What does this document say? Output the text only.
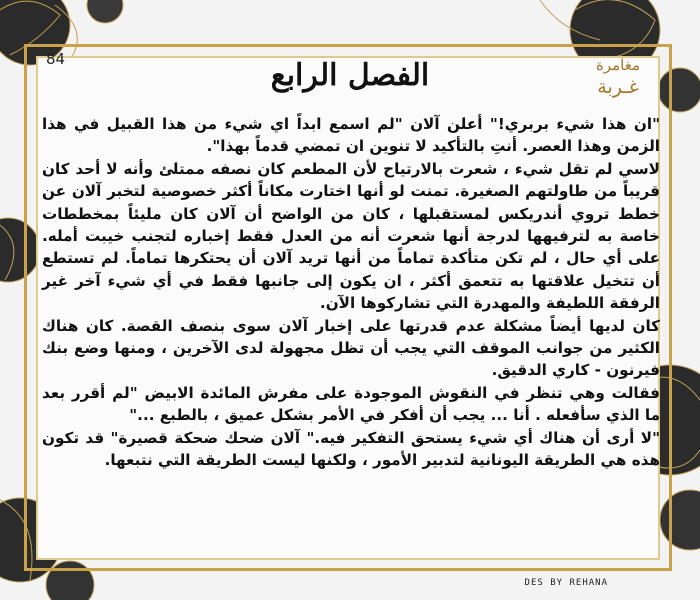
84	الفصل الرابع	مغامرة
غـربة

"ان هذا شيء بربري!" أعلن آلان "لم اسمع ابداً اي شيء من هذا القبيل في هذا الزمن وهذا العصر. أنتِ بالتأكيد لا تنوين ان تمضي قدماً بهذا".

لاسي لم تقل شيء ، شعرت بالارتياح لأن المطعم كان نصفه ممتلئ وأنه لا أحد كان قريباً من طاولتهم الصغيرة. تمنت لو أنها اختارت مكاناً أكثر خصوصية لتخبر آلان عن خطط تروي أندريكس لمستقبلها ، كان من الواضح أن آلان كان مليئاً بمخططات خاصة به لترفيهها لدرجة أنها شعرت أنه من العدل فقط إخباره لتجنب خيبت أمله. على أي حال ، لم تكن متأكدة تماماً من أنها تريد آلان أن يحتكرها تماماً. لم تستطع أن تتخيل علاقتها به تتعمق أكثر ، ان يكون إلى جانبها فقط في أي شيء آخر غير الرفقة اللطيفة والمهدرة التي تشاركوها الآن.

كان لديها أيضاً مشكلة عدم قدرتها على إخبار آلان سوى بنصف القصة. كان هناك الكثير من جوانب الموقف التي يجب أن تظل مجهولة لدى الآخرين ، ومنها وضع بنك فيرنون - كاري الدقيق.

فقالت وهي تنظر في النقوش الموجودة على مفرش المائدة الابيض "لم أقرر بعد ما الذي سأفعله . أنا ... يجب أن أفكر في الأمر بشكل عميق ، بالطبع ..."

"لا أرى أن هناك أي شيء يستحق التفكير فيه." آلان ضحك ضحكة قصيرة" قد تكون هذه هي الطريقة اليونانية لتدبير الأمور ، ولكنها ليست الطريقة التي نتبعها.

DES BY REHANA
